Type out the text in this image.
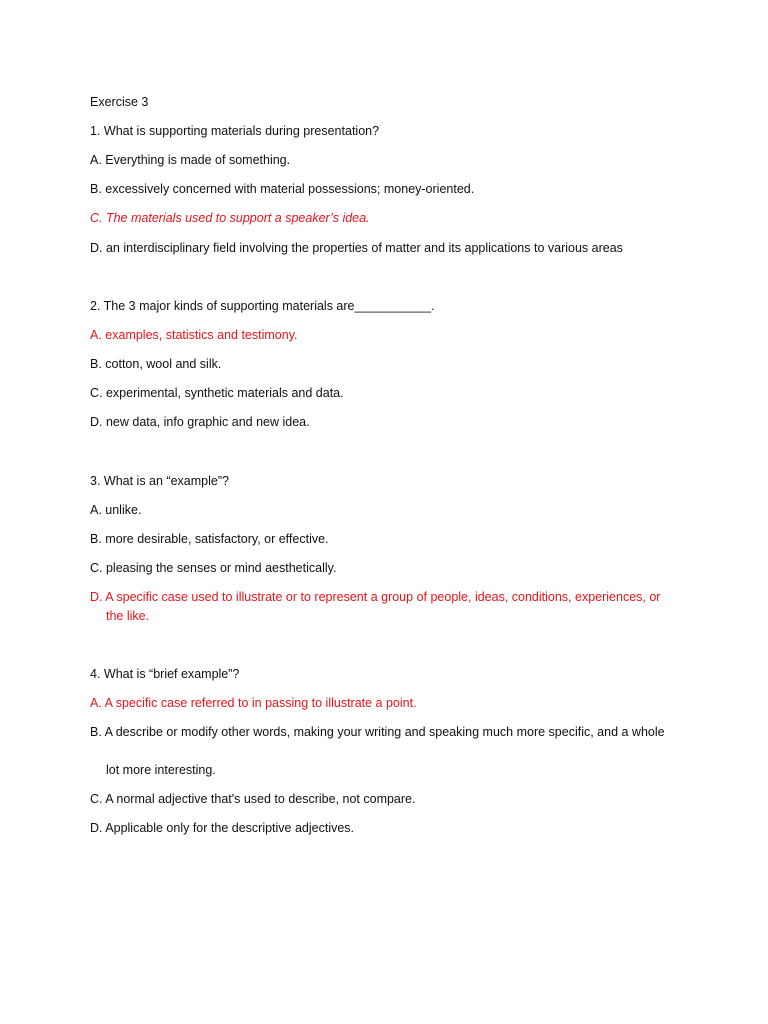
Exercise 3
1. What is supporting materials during presentation?
A. Everything is made of something.
B. excessively concerned with material possessions; money-oriented.
C. The materials used to support a speaker’s idea.
D. an interdisciplinary field involving the properties of matter and its applications to various areas
2. The 3 major kinds of supporting materials are___________.
A. examples, statistics and testimony.
B. cotton, wool and silk.
C. experimental, synthetic materials and data.
D. new data, info graphic and new idea.
3. What is an “example”?
A. unlike.
B. more desirable, satisfactory, or effective.
C. pleasing the senses or mind aesthetically.
D. A specific case used to illustrate or to represent a group of people, ideas, conditions, experiences, or
the like.
4. What is “brief example”?
A. A specific case referred to in passing to illustrate a point.
B. A describe or modify other words, making your writing and speaking much more specific, and a whole
lot more interesting.
C. A normal adjective that's used to describe, not compare.
D. Applicable only for the descriptive adjectives.
